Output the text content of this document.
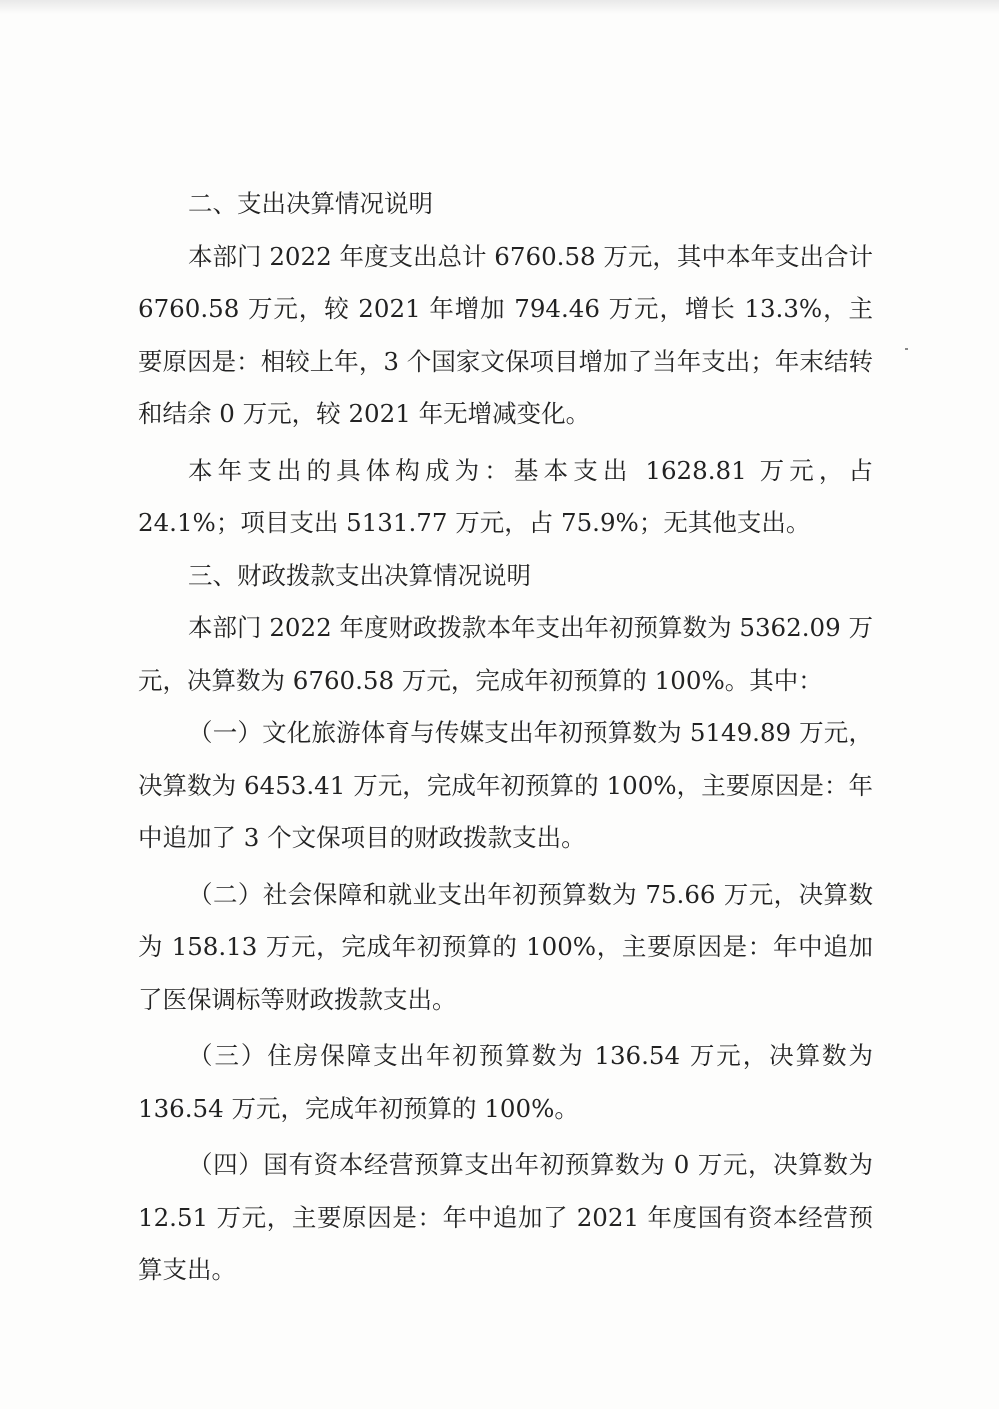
二、支出决算情况说明

本部门 2022 年度支出总计 6760.58 万元，其中本年支出合计 6760.58 万元，较 2021 年增加 794.46 万元，增长 13.3%，主要原因是：相较上年，3 个国家文保项目增加了当年支出；年末结转和结余 0 万元，较 2021 年无增减变化。

本年支出的具体构成为：基本支出 1628.81 万元，占 24.1%；项目支出 5131.77 万元，占 75.9%；无其他支出。

三、财政拨款支出决算情况说明

本部门 2022 年度财政拨款本年支出年初预算数为 5362.09 万元，决算数为 6760.58 万元，完成年初预算的 100%。其中：

（一）文化旅游体育与传媒支出年初预算数为 5149.89 万元，决算数为 6453.41 万元，完成年初预算的 100%，主要原因是：年中追加了 3 个文保项目的财政拨款支出。

（二）社会保障和就业支出年初预算数为 75.66 万元，决算数为 158.13 万元，完成年初预算的 100%，主要原因是：年中追加了医保调标等财政拨款支出。

（三）住房保障支出年初预算数为 136.54 万元，决算数为 136.54 万元，完成年初预算的 100%。

（四）国有资本经营预算支出年初预算数为 0 万元，决算数为 12.51 万元，主要原因是：年中追加了 2021 年度国有资本经营预算支出。
